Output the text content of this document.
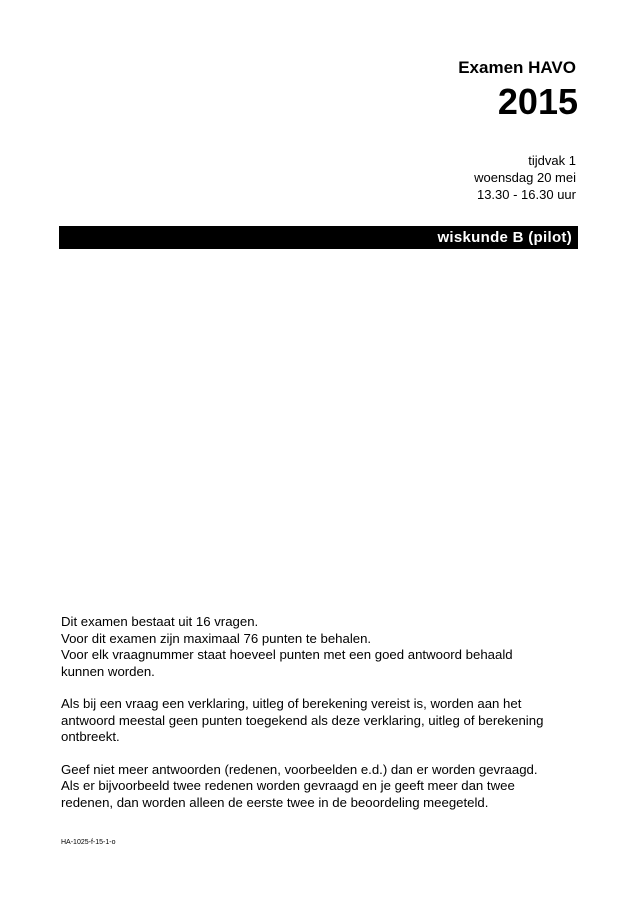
Examen HAVO
2015
tijdvak 1
woensdag 20 mei
13.30 - 16.30 uur
wiskunde B (pilot)

Dit examen bestaat uit 16 vragen.
Voor dit examen zijn maximaal 76 punten te behalen.
Voor elk vraagnummer staat hoeveel punten met een goed antwoord behaald
kunnen worden.

Als bij een vraag een verklaring, uitleg of berekening vereist is, worden aan het
antwoord meestal geen punten toegekend als deze verklaring, uitleg of berekening
ontbreekt.

Geef niet meer antwoorden (redenen, voorbeelden e.d.) dan er worden gevraagd.
Als er bijvoorbeeld twee redenen worden gevraagd en je geeft meer dan twee
redenen, dan worden alleen de eerste twee in de beoordeling meegeteld.

HA-1025-f-15-1-o
